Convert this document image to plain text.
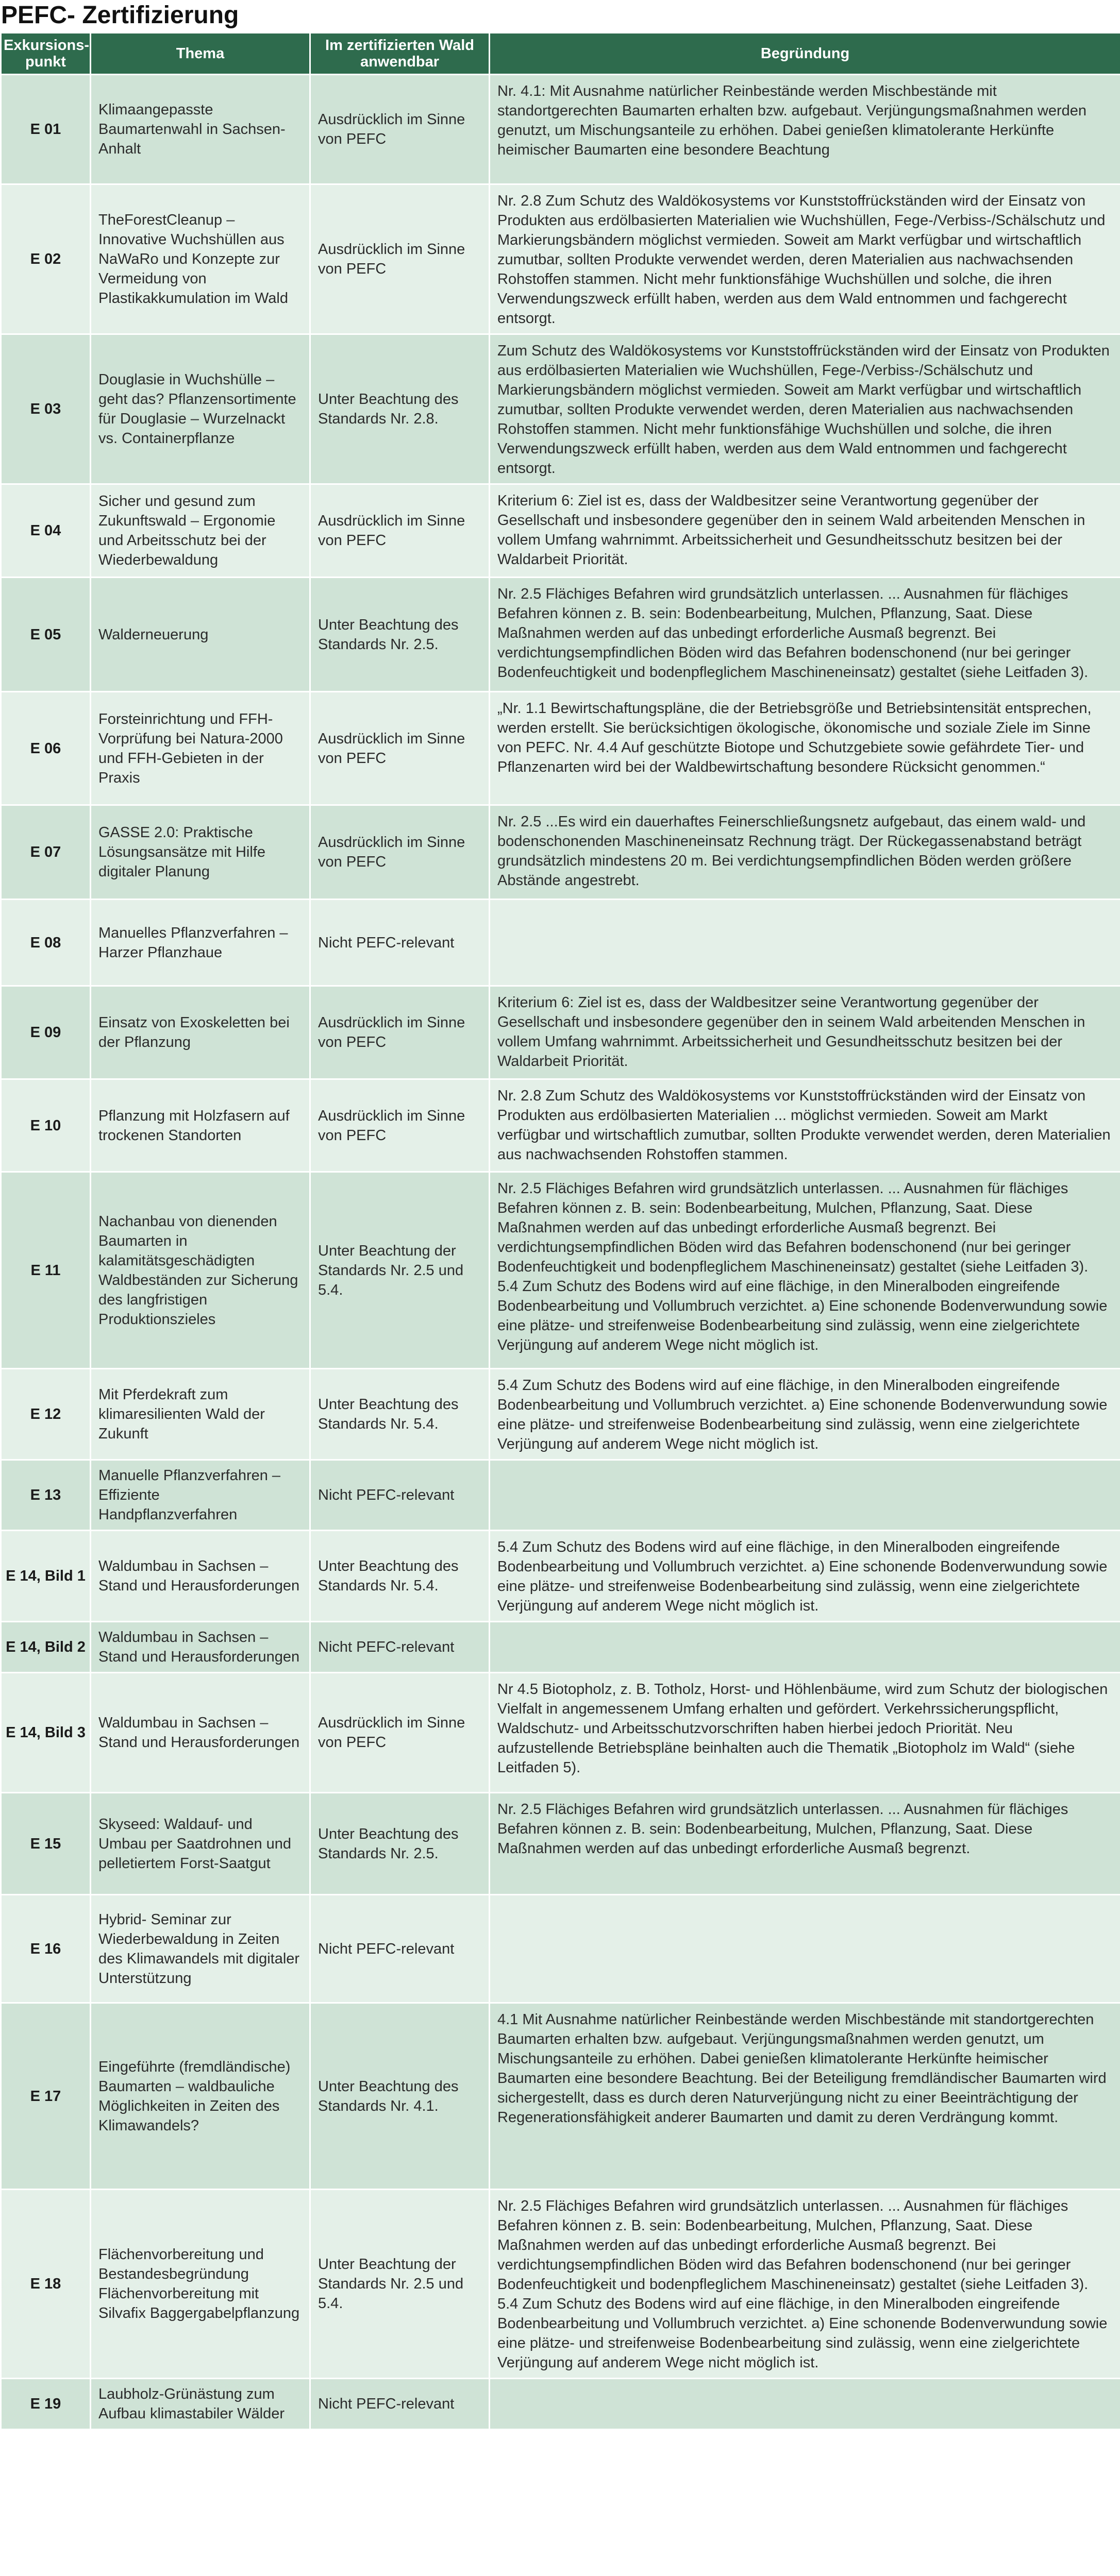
PEFC- Zertifizierung
Exkursionspunkt	Thema	Im zertifizierten Wald anwendbar	Begründung
E 01	Klimaangepasste Baumartenwahl in Sachsen-Anhalt	Ausdrücklich im Sinne von PEFC	Nr. 4.1: Mit Ausnahme natürlicher Reinbestände werden Mischbestände mit standortgerechten Baumarten erhalten bzw. aufgebaut. Verjüngungsmaßnahmen werden genutzt, um Mischungsanteile zu erhöhen. Dabei genießen klimatolerante Herkünfte heimischer Baumarten eine besondere Beachtung
E 02	TheForestCleanup – Innovative Wuchshüllen aus NaWaRo und Konzepte zur Vermeidung von Plastikakkumulation im Wald	Ausdrücklich im Sinne von PEFC	Nr. 2.8 Zum Schutz des Waldökosystems vor Kunststoffrückständen wird der Einsatz von Produkten aus erdölbasierten Materialien wie Wuchshüllen, Fege-/Verbiss-/Schälschutz und Markierungsbändern möglichst vermieden. Soweit am Markt verfügbar und wirtschaftlich zumutbar, sollten Produkte verwendet werden, deren Materialien aus nachwachsenden Rohstoffen stammen. Nicht mehr funktionsfähige Wuchshüllen und solche, die ihren Verwendungszweck erfüllt haben, werden aus dem Wald entnommen und fachgerecht entsorgt.
E 03	Douglasie in Wuchshülle – geht das? Pflanzensortimente für Douglasie – Wurzelnackt vs. Containerpflanze	Unter Beachtung des Standards Nr. 2.8.	Zum Schutz des Waldökosystems vor Kunststoffrückständen wird der Einsatz von Produkten aus erdölbasierten Materialien wie Wuchshüllen, Fege-/Verbiss-/Schälschutz und Markierungsbändern möglichst vermieden. Soweit am Markt verfügbar und wirtschaftlich zumutbar, sollten Produkte verwendet werden, deren Materialien aus nachwachsenden Rohstoffen stammen. Nicht mehr funktionsfähige Wuchshüllen und solche, die ihren Verwendungszweck erfüllt haben, werden aus dem Wald entnommen und fachgerecht entsorgt.
E 04	Sicher und gesund zum Zukunftswald – Ergonomie und Arbeitsschutz bei der Wiederbewaldung	Ausdrücklich im Sinne von PEFC	Kriterium 6: Ziel ist es, dass der Waldbesitzer seine Verantwortung gegenüber der Gesellschaft und insbesondere gegenüber den in seinem Wald arbeitenden Menschen in vollem Umfang wahrnimmt. Arbeitssicherheit und Gesundheitsschutz besitzen bei der Waldarbeit Priorität.
E 05	Walderneuerung	Unter Beachtung des Standards Nr. 2.5.	Nr. 2.5 Flächiges Befahren wird grundsätzlich unterlassen. ... Ausnahmen für flächiges Befahren können z. B. sein: Bodenbearbeitung, Mulchen, Pflanzung, Saat. Diese Maßnahmen werden auf das unbedingt erforderliche Ausmaß begrenzt. Bei verdichtungsempfindlichen Böden wird das Befahren bodenschonend (nur bei geringer Bodenfeuchtigkeit und bodenpfleglichem Maschineneinsatz) gestaltet (siehe Leitfaden 3).
E 06	Forsteinrichtung und FFH-Vorprüfung bei Natura-2000 und FFH-Gebieten in der Praxis	Ausdrücklich im Sinne von PEFC	„Nr. 1.1 Bewirtschaftungspläne, die der Betriebsgröße und Betriebsintensität entsprechen, werden erstellt. Sie berücksichtigen ökologische, ökonomische und soziale Ziele im Sinne von PEFC. Nr. 4.4 Auf geschützte Biotope und Schutzgebiete sowie gefährdete Tier- und Pflanzenarten wird bei der Waldbewirtschaftung besondere Rücksicht genommen.“
E 07	GASSE 2.0: Praktische Lösungsansätze mit Hilfe digitaler Planung	Ausdrücklich im Sinne von PEFC	Nr. 2.5 ...Es wird ein dauerhaftes Feinerschließungsnetz aufgebaut, das einem wald- und bodenschonenden Maschineneinsatz Rechnung trägt. Der Rückegassenabstand beträgt grundsätzlich mindestens 20 m. Bei verdichtungsempfindlichen Böden werden größere Abstände angestrebt.
E 08	Manuelles Pflanzverfahren – Harzer Pflanzhaue	Nicht PEFC-relevant	
E 09	Einsatz von Exoskeletten bei der Pflanzung	Ausdrücklich im Sinne von PEFC	Kriterium 6: Ziel ist es, dass der Waldbesitzer seine Verantwortung gegenüber der Gesellschaft und insbesondere gegenüber den in seinem Wald arbeitenden Menschen in vollem Umfang wahrnimmt. Arbeitssicherheit und Gesundheitsschutz besitzen bei der Waldarbeit Priorität.
E 10	Pflanzung mit Holzfasern auf trockenen Standorten	Ausdrücklich im Sinne von PEFC	Nr. 2.8 Zum Schutz des Waldökosystems vor Kunststoffrückständen wird der Einsatz von Produkten aus erdölbasierten Materialien ... möglichst vermieden. Soweit am Markt verfügbar und wirtschaftlich zumutbar, sollten Produkte verwendet werden, deren Materialien aus nachwachsenden Rohstoffen stammen.
E 11	Nachanbau von dienenden Baumarten in kalamitätsgeschädigten Waldbeständen zur Sicherung des langfristigen Produktionszieles	Unter Beachtung der Standards Nr. 2.5 und 5.4.	Nr. 2.5 Flächiges Befahren wird grundsätzlich unterlassen. ... Ausnahmen für flächiges Befahren können z. B. sein: Bodenbearbeitung, Mulchen, Pflanzung, Saat. Diese Maßnahmen werden auf das unbedingt erforderliche Ausmaß begrenzt. Bei verdichtungsempfindlichen Böden wird das Befahren bodenschonend (nur bei geringer Bodenfeuchtigkeit und bodenpfleglichem Maschineneinsatz) gestaltet (siehe Leitfaden 3). 5.4 Zum Schutz des Bodens wird auf eine flächige, in den Mineralboden eingreifende Bodenbearbeitung und Vollumbruch verzichtet. a) Eine schonende Bodenverwundung sowie eine plätze- und streifenweise Bodenbearbeitung sind zulässig, wenn eine zielgerichtete Verjüngung auf anderem Wege nicht möglich ist.
E 12	Mit Pferdekraft zum klimaresilienten Wald der Zukunft	Unter Beachtung des Standards Nr. 5.4.	5.4 Zum Schutz des Bodens wird auf eine flächige, in den Mineralboden eingreifende Bodenbearbeitung und Vollumbruch verzichtet. a) Eine schonende Bodenverwundung sowie eine plätze- und streifenweise Bodenbearbeitung sind zulässig, wenn eine zielgerichtete Verjüngung auf anderem Wege nicht möglich ist.
E 13	Manuelle Pflanzverfahren – Effiziente Handpflanzverfahren	Nicht PEFC-relevant	
E 14, Bild 1	Waldumbau in Sachsen – Stand und Herausforderungen	Unter Beachtung des Standards Nr. 5.4.	5.4 Zum Schutz des Bodens wird auf eine flächige, in den Mineralboden eingreifende Bodenbearbeitung und Vollumbruch verzichtet. a) Eine schonende Bodenverwundung sowie eine plätze- und streifenweise Bodenbearbeitung sind zulässig, wenn eine zielgerichtete Verjüngung auf anderem Wege nicht möglich ist.
E 14, Bild 2	Waldumbau in Sachsen – Stand und Herausforderungen	Nicht PEFC-relevant	
E 14, Bild 3	Waldumbau in Sachsen – Stand und Herausforderungen	Ausdrücklich im Sinne von PEFC	Nr 4.5 Biotopholz, z. B. Totholz, Horst- und Höhlenbäume, wird zum Schutz der biologischen Vielfalt in angemessenem Umfang erhalten und gefördert. Verkehrssicherungspflicht, Waldschutz- und Arbeitsschutzvorschriften haben hierbei jedoch Priorität. Neu aufzustellende Betriebspläne beinhalten auch die Thematik „Biotopholz im Wald“ (siehe Leitfaden 5).
E 15	Skyseed: Waldauf- und Umbau per Saatdrohnen und pelletiertem Forst-Saatgut	Unter Beachtung des Standards Nr. 2.5.	Nr. 2.5 Flächiges Befahren wird grundsätzlich unterlassen. ... Ausnahmen für flächiges Befahren können z. B. sein: Bodenbearbeitung, Mulchen, Pflanzung, Saat. Diese Maßnahmen werden auf das unbedingt erforderliche Ausmaß begrenzt.
E 16	Hybrid- Seminar zur Wiederbewaldung in Zeiten des Klimawandels mit digitaler Unterstützung	Nicht PEFC-relevant	
E 17	Eingeführte (fremdländische) Baumarten – waldbauliche Möglichkeiten in Zeiten des Klimawandels?	Unter Beachtung des Standards Nr. 4.1.	4.1 Mit Ausnahme natürlicher Reinbestände werden Mischbestände mit standortgerechten Baumarten erhalten bzw. aufgebaut. Verjüngungsmaßnahmen werden genutzt, um Mischungsanteile zu erhöhen. Dabei genießen klimatolerante Herkünfte heimischer Baumarten eine besondere Beachtung. Bei der Beteiligung fremdländischer Baumarten wird sichergestellt, dass es durch deren Naturverjüngung nicht zu einer Beeinträchtigung der Regenerationsfähigkeit anderer Baumarten und damit zu deren Verdrängung kommt.
E 18	Flächenvorbereitung und Bestandesbegründung Flächenvorbereitung mit Silvafix Baggergabelpflanzung	Unter Beachtung der Standards Nr. 2.5 und 5.4.	Nr. 2.5 Flächiges Befahren wird grundsätzlich unterlassen. ... Ausnahmen für flächiges Befahren können z. B. sein: Bodenbearbeitung, Mulchen, Pflanzung, Saat. Diese Maßnahmen werden auf das unbedingt erforderliche Ausmaß begrenzt. Bei verdichtungsempfindlichen Böden wird das Befahren bodenschonend (nur bei geringer Bodenfeuchtigkeit und bodenpfleglichem Maschineneinsatz) gestaltet (siehe Leitfaden 3). 5.4 Zum Schutz des Bodens wird auf eine flächige, in den Mineralboden eingreifende Bodenbearbeitung und Vollumbruch verzichtet. a) Eine schonende Bodenverwundung sowie eine plätze- und streifenweise Bodenbearbeitung sind zulässig, wenn eine zielgerichtete Verjüngung auf anderem Wege nicht möglich ist.
E 19	Laubholz-Grünästung zum Aufbau klimastabiler Wälder	Nicht PEFC-relevant	
